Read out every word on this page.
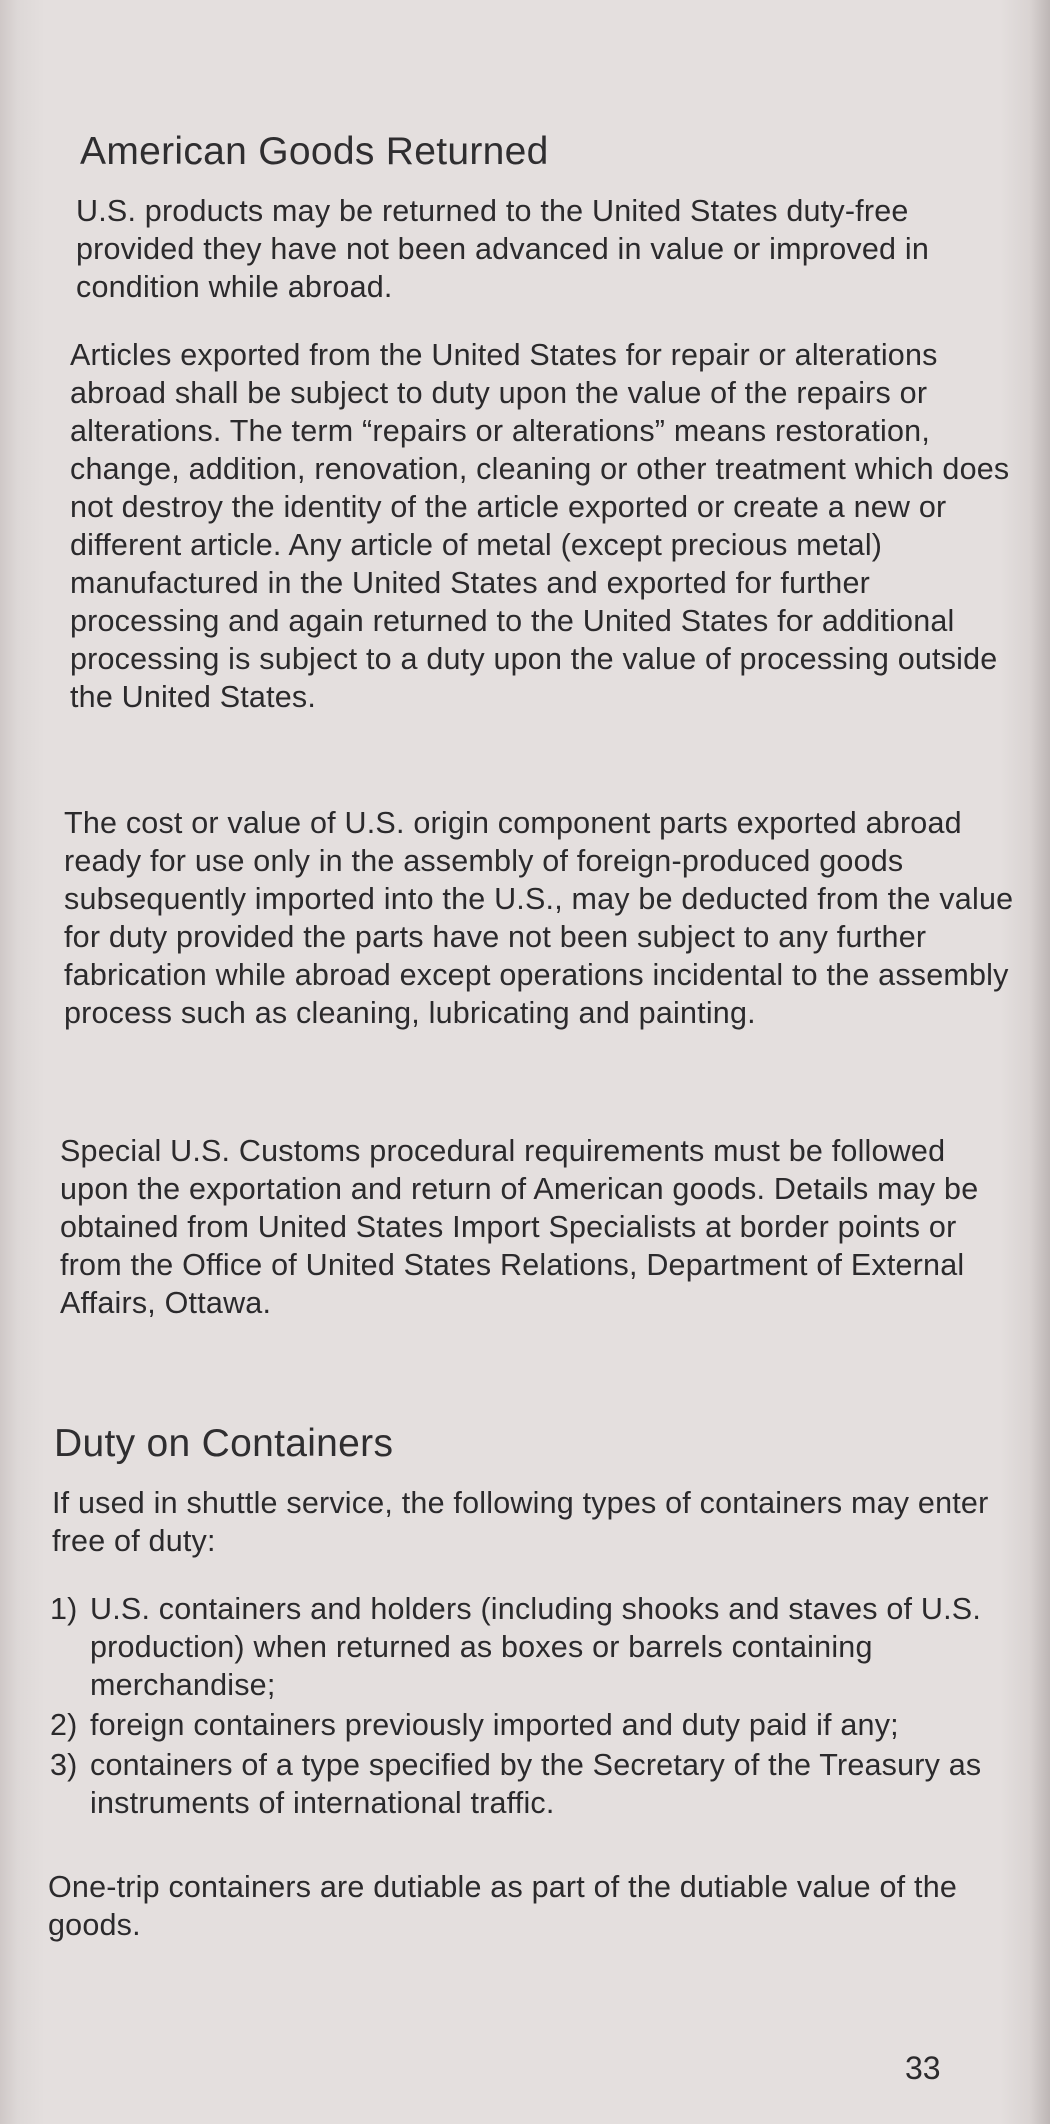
American Goods Returned

U.S. products may be returned to the United States duty-free provided they have not been advanced in value or improved in condition while abroad.

Articles exported from the United States for repair or alterations abroad shall be subject to duty upon the value of the repairs or alterations. The term “repairs or alterations” means restoration, change, addition, renovation, cleaning or other treatment which does not destroy the identity of the article exported or create a new or different article. Any article of metal (except precious metal) manufactured in the United States and exported for further processing and again returned to the United States for additional processing is subject to a duty upon the value of processing outside the United States.

The cost or value of U.S. origin component parts exported abroad ready for use only in the assembly of foreign-produced goods subsequently imported into the U.S., may be deducted from the value for duty provided the parts have not been subject to any further fabrication while abroad except operations incidental to the assembly process such as cleaning, lubricating and painting.

Special U.S. Customs procedural requirements must be followed upon the exportation and return of American goods. Details may be obtained from United States Import Specialists at border points or from the Office of United States Relations, Department of External Affairs, Ottawa.

Duty on Containers

If used in shuttle service, the following types of containers may enter free of duty:

1) U.S. containers and holders (including shooks and staves of U.S. production) when returned as boxes or barrels containing merchandise;
2) foreign containers previously imported and duty paid if any;
3) containers of a type specified by the Secretary of the Treasury as instruments of international traffic.

One-trip containers are dutiable as part of the dutiable value of the goods.

33
